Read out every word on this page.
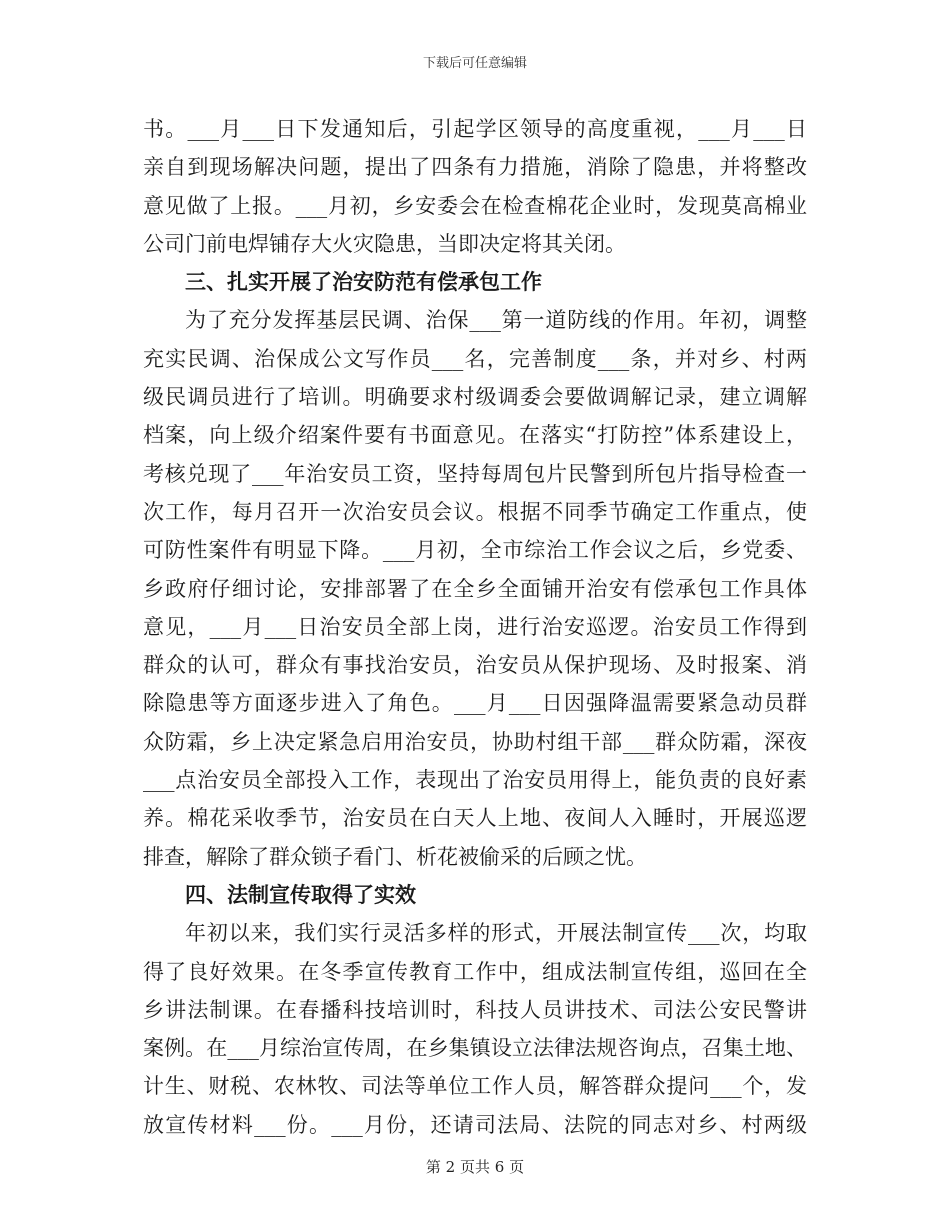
下载后可任意编辑
书。___月___日下发通知后，引起学区领导的高度重视，___月___日
亲自到现场解决问题，提出了四条有力措施，消除了隐患，并将整改
意见做了上报。___月初，乡安委会在检查棉花企业时，发现莫高棉业
公司门前电焊铺存大火灾隐患，当即决定将其关闭。
三、扎实开展了治安防范有偿承包工作
为了充分发挥基层民调、治保___第一道防线的作用。年初，调整
充实民调、治保成公文写作员___名，完善制度___条，并对乡、村两
级民调员进行了培训。明确要求村级调委会要做调解记录，建立调解
档案，向上级介绍案件要有书面意见。在落实“打防控”体系建设上，
考核兑现了___年治安员工资，坚持每周包片民警到所包片指导检查一
次工作，每月召开一次治安员会议。根据不同季节确定工作重点，使
可防性案件有明显下降。___月初，全市综治工作会议之后，乡党委、
乡政府仔细讨论，安排部署了在全乡全面铺开治安有偿承包工作具体
意见，___月___日治安员全部上岗，进行治安巡逻。治安员工作得到
群众的认可，群众有事找治安员，治安员从保护现场、及时报案、消
除隐患等方面逐步进入了角色。___月___日因强降温需要紧急动员群
众防霜，乡上决定紧急启用治安员，协助村组干部___群众防霜，深夜
___点治安员全部投入工作，表现出了治安员用得上，能负责的良好素
养。棉花采收季节，治安员在白天人上地、夜间人入睡时，开展巡逻
排查，解除了群众锁子看门、析花被偷采的后顾之忧。
四、法制宣传取得了实效
年初以来，我们实行灵活多样的形式，开展法制宣传___次，均取
得了良好效果。在冬季宣传教育工作中，组成法制宣传组，巡回在全
乡讲法制课。在春播科技培训时，科技人员讲技术、司法公安民警讲
案例。在___月综治宣传周，在乡集镇设立法律法规咨询点，召集土地、
计生、财税、农林牧、司法等单位工作人员，解答群众提问___个，发
放宣传材料___份。___月份，还请司法局、法院的同志对乡、村两级
第 2 页共 6 页
